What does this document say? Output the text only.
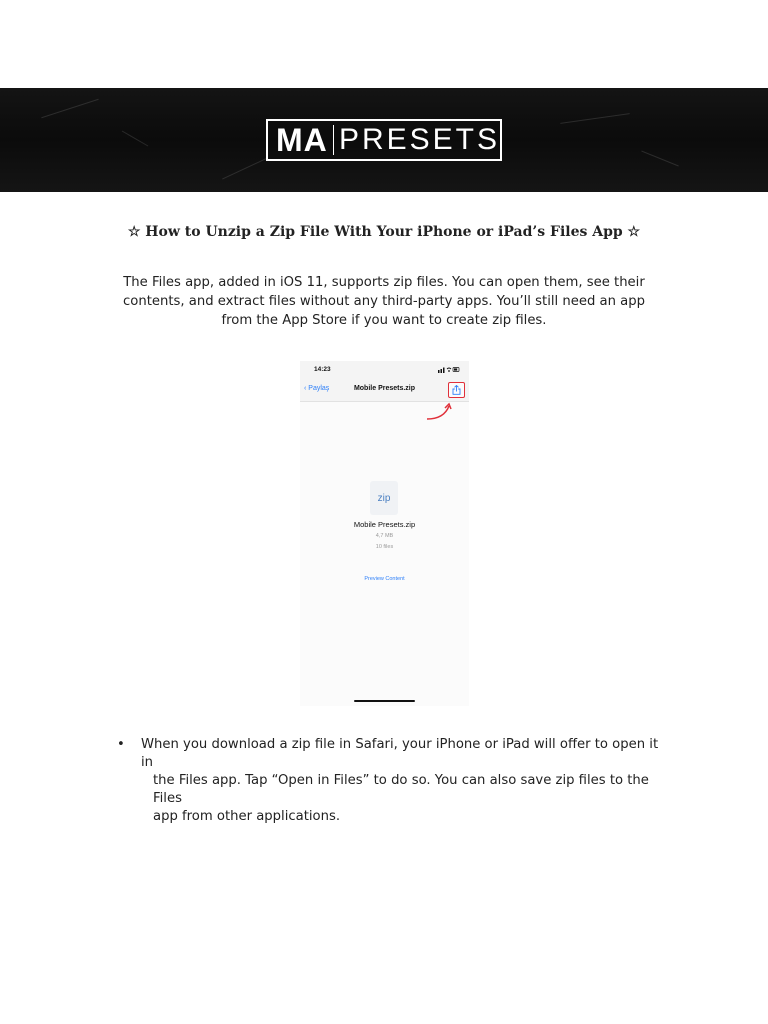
MA PRESETS
☆ How to Unzip a Zip File With Your iPhone or iPad’s Files App ☆
The Files app, added in iOS 11, supports zip files. You can open them, see their contents, and extract files without any third-party apps. You’ll still need an app from the App Store if you want to create zip files.
14:23
‹ Paylaş	Mobile Presets.zip
zip
Mobile Presets.zip
4,7 MB
10 files
Preview Content
• When you download a zip file in Safari, your iPhone or iPad will offer to open it in
the Files app. Tap “Open in Files” to do so. You can also save zip files to the Files
app from other applications.
